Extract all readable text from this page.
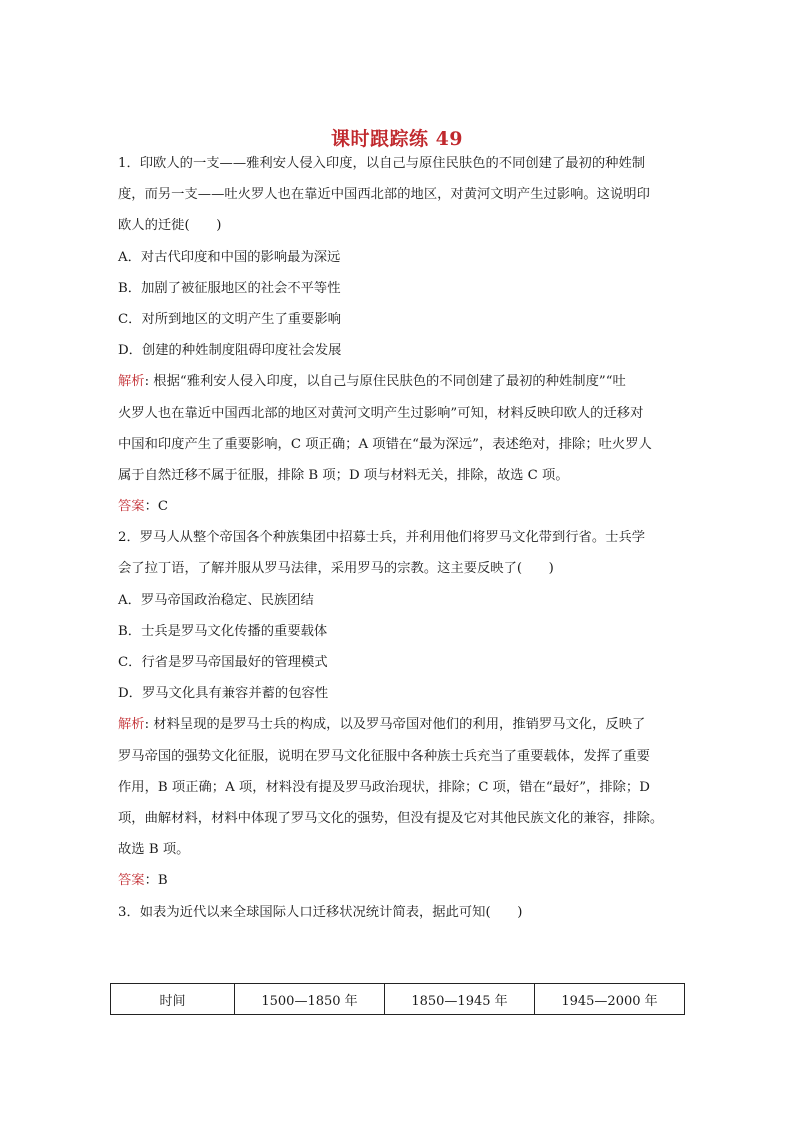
课时跟踪练 49
1．印欧人的一支——雅利安人侵入印度，以自己与原住民肤色的不同创建了最初的种姓制
度，而另一支——吐火罗人也在靠近中国西北部的地区，对黄河文明产生过影响。这说明印
欧人的迁徙(　　)
A．对古代印度和中国的影响最为深远
B．加剧了被征服地区的社会不平等性
C．对所到地区的文明产生了重要影响
D．创建的种姓制度阻碍印度社会发展
解析: 根据“雅利安人侵入印度，以自己与原住民肤色的不同创建了最初的种姓制度”“吐
火罗人也在靠近中国西北部的地区对黄河文明产生过影响”可知，材料反映印欧人的迁移对
中国和印度产生了重要影响，C 项正确；A 项错在“最为深远”，表述绝对，排除；吐火罗人
属于自然迁移不属于征服，排除 B 项；D 项与材料无关，排除，故选 C 项。
答案：C
2．罗马人从整个帝国各个种族集团中招募士兵，并利用他们将罗马文化带到行省。士兵学
会了拉丁语，了解并服从罗马法律，采用罗马的宗教。这主要反映了(　　)
A．罗马帝国政治稳定、民族团结
B．士兵是罗马文化传播的重要载体
C．行省是罗马帝国最好的管理模式
D．罗马文化具有兼容并蓄的包容性
解析: 材料呈现的是罗马士兵的构成，以及罗马帝国对他们的利用，推销罗马文化，反映了
罗马帝国的强势文化征服，说明在罗马文化征服中各种族士兵充当了重要载体，发挥了重要
作用，B 项正确；A 项，材料没有提及罗马政治现状，排除；C 项，错在“最好”，排除；D
项，曲解材料，材料中体现了罗马文化的强势，但没有提及它对其他民族文化的兼容，排除。
故选 B 项。
答案：B
3．如表为近代以来全球国际人口迁移状况统计简表，据此可知(　　)
时间	1500—1850 年	1850—1945 年	1945—2000 年
